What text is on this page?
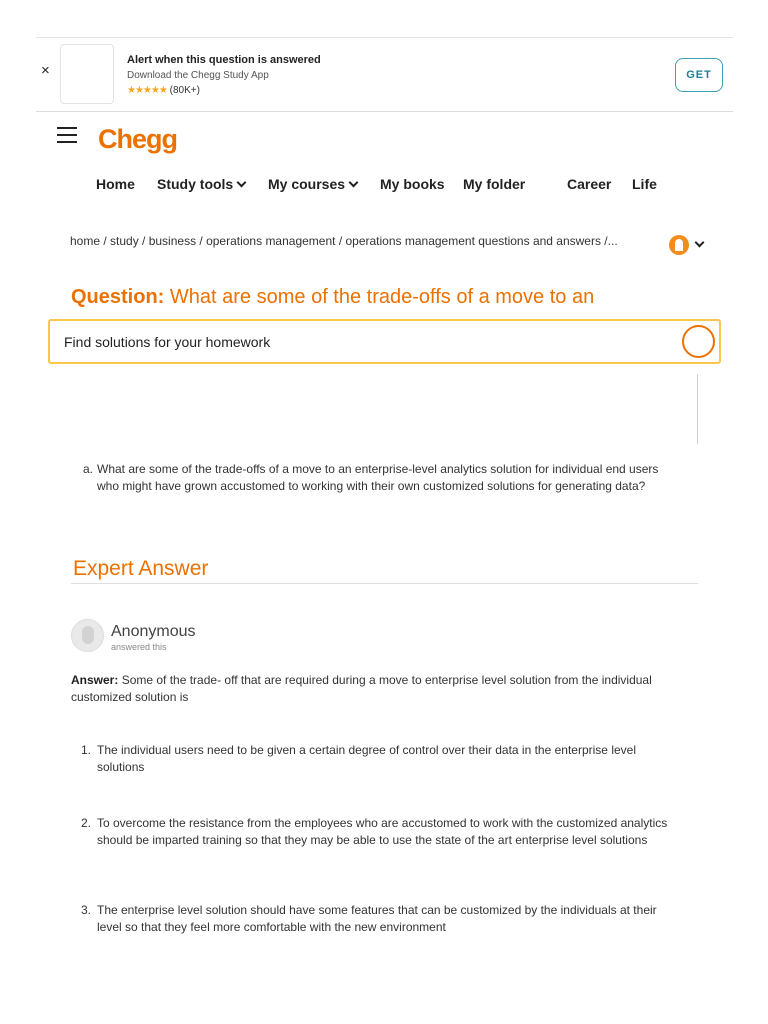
×
Alert when this question is answered
Download the Chegg Study App
★★★★★ (80K+)
GET
Chegg
Home Study tools	My courses	My books My folder	Career Life
home / study / business / operations management / operations management questions and answers /...
Question: What are some of the trade-offs of a move to an
Find solutions for your homework
a. What are some of the trade-offs of a move to an enterprise-level analytics solution for individual end users who might have grown accustomed to working with their own customized solutions for generating data?
Expert Answer
Anonymous
answered this
Answer: Some of the trade- off that are required during a move to enterprise level solution from the individual customized solution is
1. The individual users need to be given a certain degree of control over their data in the enterprise level solutions
2. To overcome the resistance from the employees who are accustomed to work with the customized analytics should be imparted training so that they may be able to use the state of the art enterprise level solutions
3. The enterprise level solution should have some features that can be customized by the individuals at their level so that they feel more comfortable with the new environment
